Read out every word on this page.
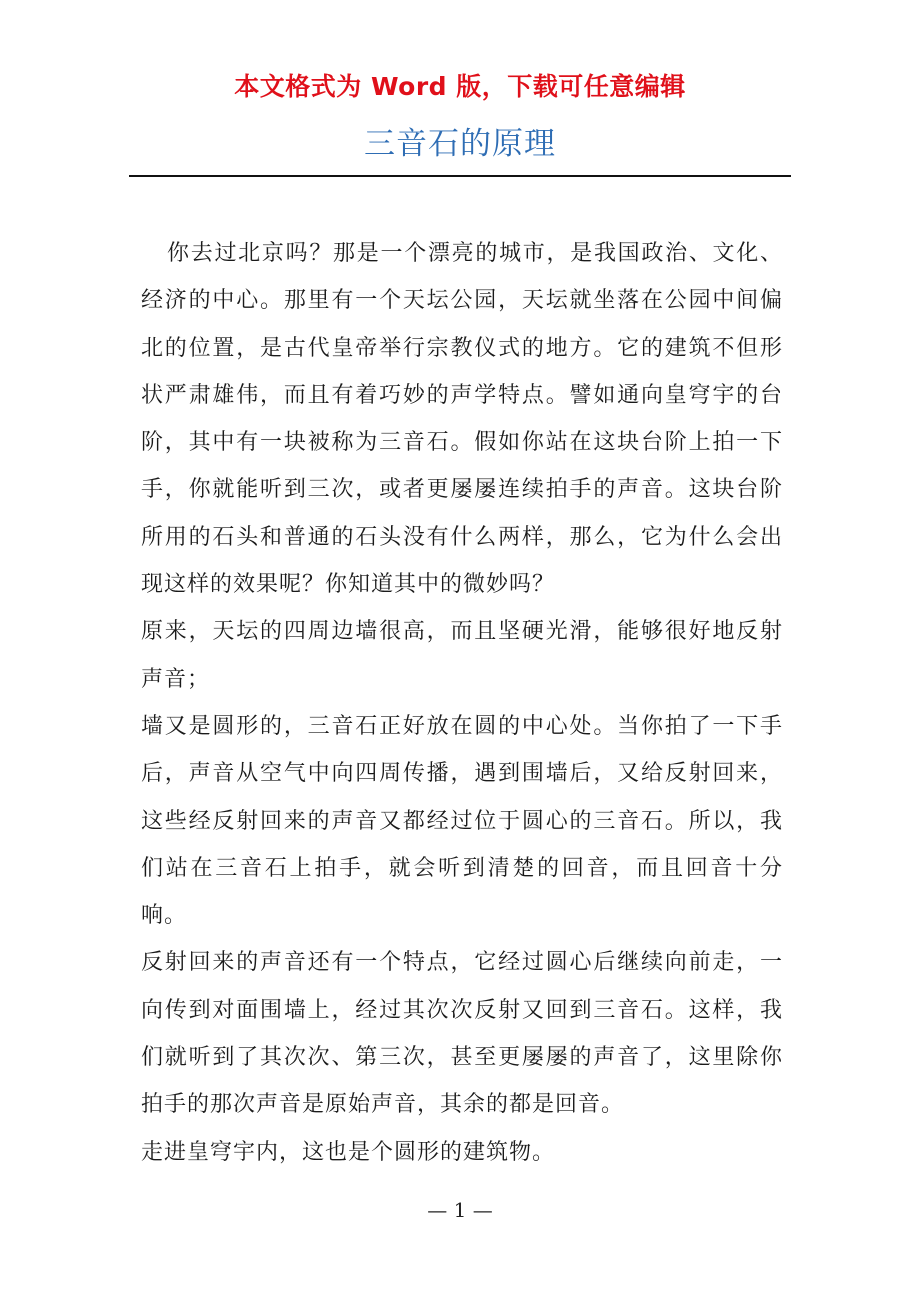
本文格式为 Word 版，下载可任意编辑
三音石的原理

你去过北京吗？那是一个漂亮的城市，是我国政治、文化、经济的中心。那里有一个天坛公园，天坛就坐落在公园中间偏北的位置，是古代皇帝举行宗教仪式的地方。它的建筑不但形状严肃雄伟，而且有着巧妙的声学特点。譬如通向皇穹宇的台阶，其中有一块被称为三音石。假如你站在这块台阶上拍一下手，你就能听到三次，或者更屡屡连续拍手的声音。这块台阶所用的石头和普通的石头没有什么两样，那么，它为什么会出现这样的效果呢？你知道其中的微妙吗？

原来，天坛的四周边墙很高，而且坚硬光滑，能够很好地反射声音；

墙又是圆形的，三音石正好放在圆的中心处。当你拍了一下手后，声音从空气中向四周传播，遇到围墙后，又给反射回来，这些经反射回来的声音又都经过位于圆心的三音石。所以，我们站在三音石上拍手，就会听到清楚的回音，而且回音十分响。

反射回来的声音还有一个特点，它经过圆心后继续向前走，一向传到对面围墙上，经过其次次反射又回到三音石。这样，我们就听到了其次次、第三次，甚至更屡屡的声音了，这里除你拍手的那次声音是原始声音，其余的都是回音。

走进皇穹宇内，这也是个圆形的建筑物。

— 1 —
